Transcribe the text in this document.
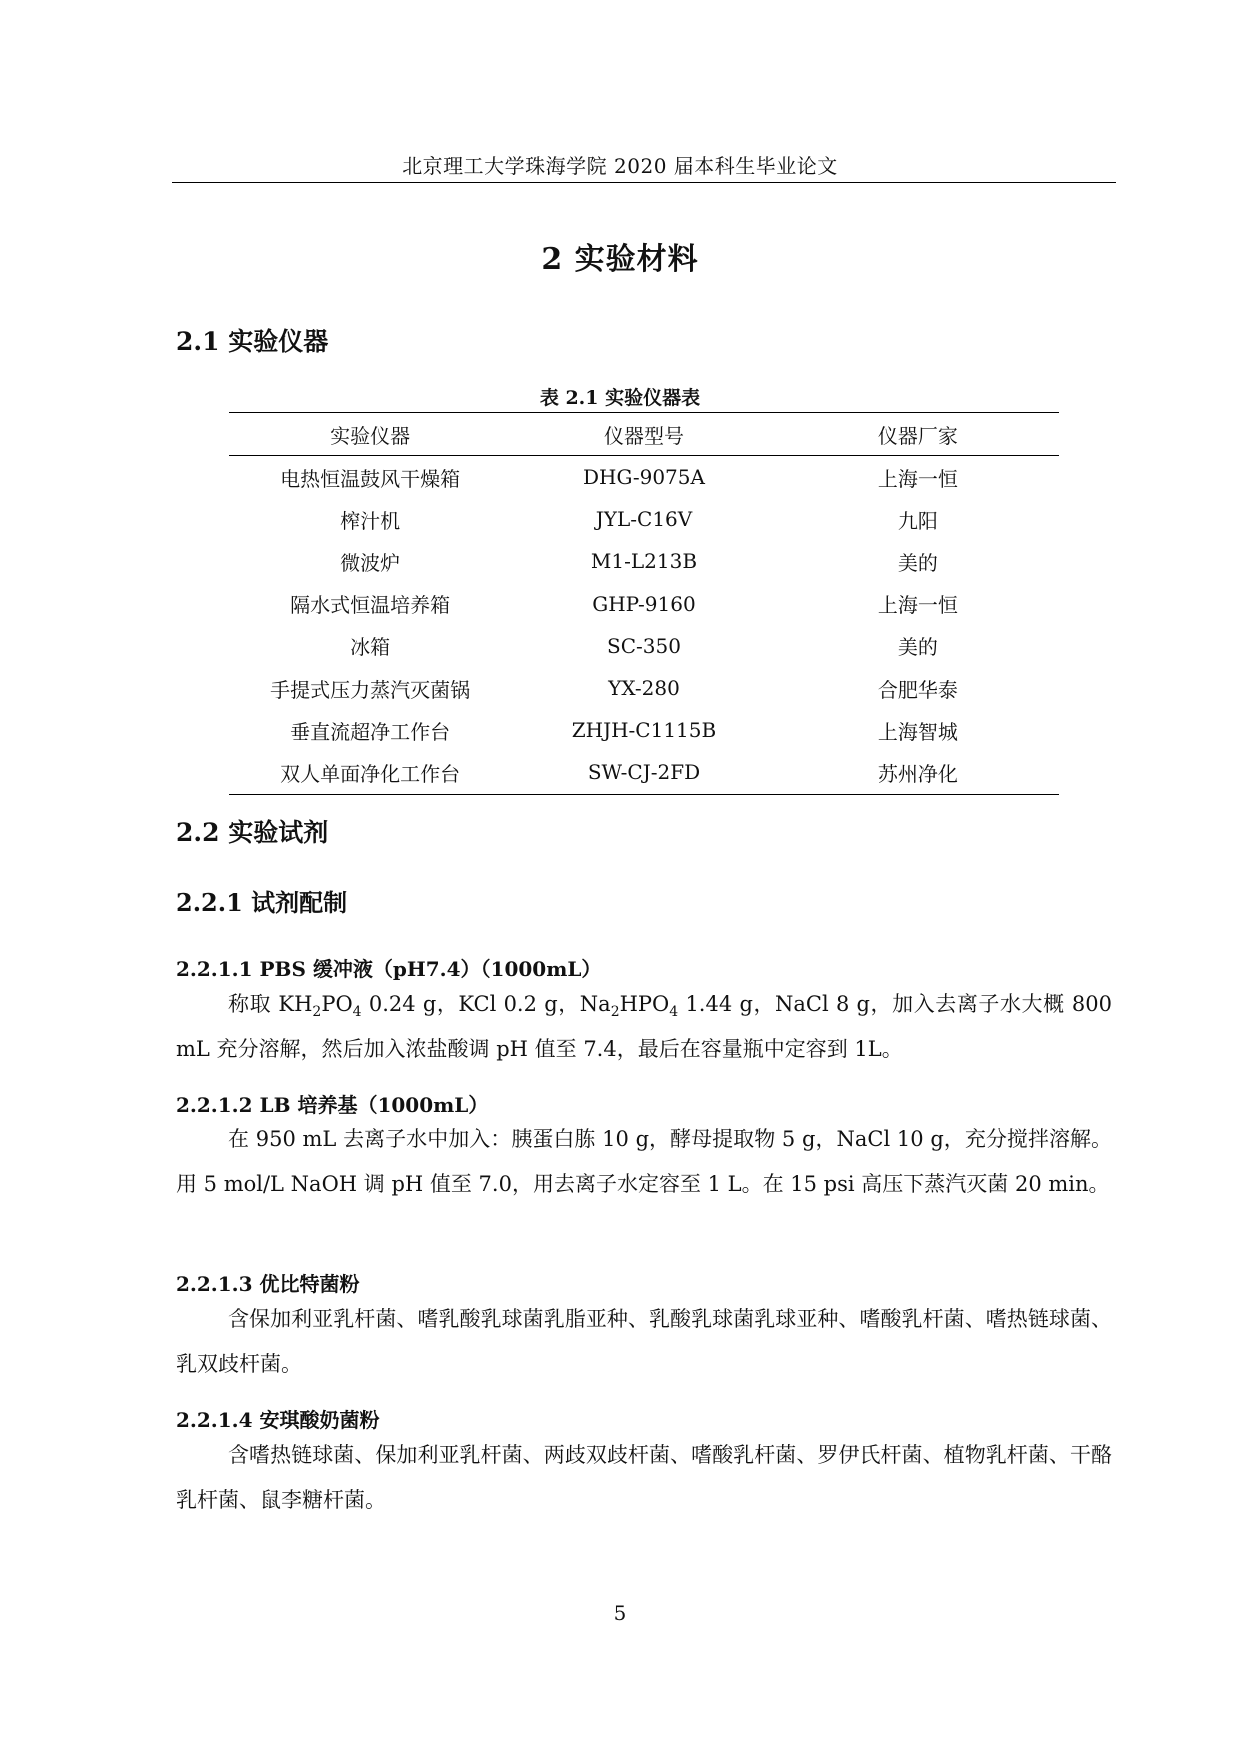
北京理工大学珠海学院 2020 届本科生毕业论文
2 实验材料
2.1 实验仪器
表 2.1 实验仪器表
实验仪器	仪器型号	仪器厂家
电热恒温鼓风干燥箱	DHG-9075A	上海一恒
榨汁机	JYL-C16V	九阳
微波炉	M1-L213B	美的
隔水式恒温培养箱	GHP-9160	上海一恒
冰箱	SC-350	美的
手提式压力蒸汽灭菌锅	YX-280	合肥华泰
垂直流超净工作台	ZHJH-C1115B	上海智城
双人单面净化工作台	SW-CJ-2FD	苏州净化
2.2 实验试剂
2.2.1 试剂配制
2.2.1.1 PBS 缓冲液（pH7.4）（1000mL）
称取 $KH_2PO_4$ 0.24 g，KCl 0.2 g，$Na_2HPO_4$ 1.44 g，NaCl 8 g，加入去离子水大概 800 mL 充分溶解，然后加入浓盐酸调 pH 值至 7.4，最后在容量瓶中定容到 1L。
2.2.1.2 LB 培养基（1000mL）
在 950 mL 去离子水中加入：胰蛋白胨 10 g，酵母提取物 5 g，NaCl 10 g，充分搅拌溶解。用 5 mol/L NaOH 调 pH 值至 7.0，用去离子水定容至 1 L。在 15 psi 高压下蒸汽灭菌 20 min。
2.2.1.3 优比特菌粉
含保加利亚乳杆菌、嗜乳酸乳球菌乳脂亚种、乳酸乳球菌乳球亚种、嗜酸乳杆菌、嗜热链球菌、乳双歧杆菌。
2.2.1.4 安琪酸奶菌粉
含嗜热链球菌、保加利亚乳杆菌、两歧双歧杆菌、嗜酸乳杆菌、罗伊氏杆菌、植物乳杆菌、干酪乳杆菌、鼠李糖杆菌。
5
